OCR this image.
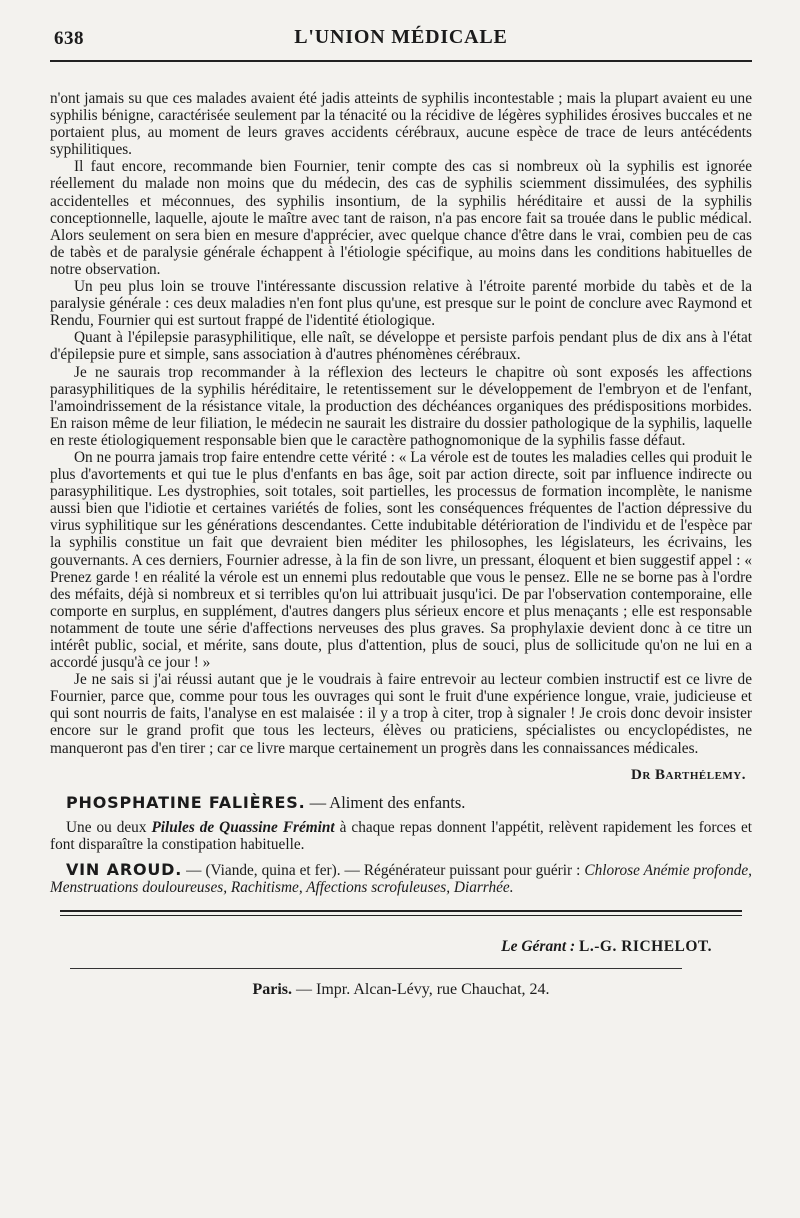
638	L'UNION MÉDICALE

n'ont jamais su que ces malades avaient été jadis atteints de syphilis incontestable ; mais la plupart avaient eu une syphilis bénigne, caractérisée seulement par la ténacité ou la récidive de légères syphilides érosives buccales et ne portaient plus, au moment de leurs graves accidents cérébraux, aucune espèce de trace de leurs antécédents syphilitiques.

Il faut encore, recommande bien Fournier, tenir compte des cas si nombreux où la syphilis est ignorée réellement du malade non moins que du médecin, des cas de syphilis sciemment dissimulées, des syphilis accidentelles et méconnues, des syphilis insontium, de la syphilis héréditaire et aussi de la syphilis conceptionnelle, laquelle, ajoute le maître avec tant de raison, n'a pas encore fait sa trouée dans le public médical. Alors seulement on sera bien en mesure d'apprécier, avec quelque chance d'être dans le vrai, combien peu de cas de tabès et de paralysie générale échappent à l'étiologie spécifique, au moins dans les conditions habituelles de notre observation.

Un peu plus loin se trouve l'intéressante discussion relative à l'étroite parenté morbide du tabès et de la paralysie générale : ces deux maladies n'en font plus qu'une, est presque sur le point de conclure avec Raymond et Rendu, Fournier qui est surtout frappé de l'identité étiologique.

Quant à l'épilepsie parasyphilitique, elle naît, se développe et persiste parfois pendant plus de dix ans à l'état d'épilepsie pure et simple, sans association à d'autres phénomènes cérébraux.

Je ne saurais trop recommander à la réflexion des lecteurs le chapitre où sont exposés les affections parasyphilitiques de la syphilis héréditaire, le retentissement sur le développement de l'embryon et de l'enfant, l'amoindrissement de la résistance vitale, la production des déchéances organiques des prédispositions morbides. En raison même de leur filiation, le médecin ne saurait les distraire du dossier pathologique de la syphilis, laquelle en reste étiologiquement responsable bien que le caractère pathognomonique de la syphilis fasse défaut.

On ne pourra jamais trop faire entendre cette vérité : « La vérole est de toutes les maladies celles qui produit le plus d'avortements et qui tue le plus d'enfants en bas âge, soit par action directe, soit par influence indirecte ou parasyphilitique. Les dystrophies, soit totales, soit partielles, les processus de formation incomplète, le nanisme aussi bien que l'idiotie et certaines variétés de folies, sont les conséquences fréquentes de l'action dépressive du virus syphilitique sur les générations descendantes. Cette indubitable détérioration de l'individu et de l'espèce par la syphilis constitue un fait que devraient bien méditer les philosophes, les législateurs, les écrivains, les gouvernants. A ces derniers, Fournier adresse, à la fin de son livre, un pressant, éloquent et bien suggestif appel : « Prenez garde ! en réalité la vérole est un ennemi plus redoutable que vous le pensez. Elle ne se borne pas à l'ordre des méfaits, déjà si nombreux et si terribles qu'on lui attribuait jusqu'ici. De par l'observation contemporaine, elle comporte en surplus, en supplément, d'autres dangers plus sérieux encore et plus menaçants ; elle est responsable notamment de toute une série d'affections nerveuses des plus graves. Sa prophylaxie devient donc à ce titre un intérêt public, social, et mérite, sans doute, plus d'attention, plus de souci, plus de sollicitude qu'on ne lui en a accordé jusqu'à ce jour ! »

Je ne sais si j'ai réussi autant que je le voudrais à faire entrevoir au lecteur combien instructif est ce livre de Fournier, parce que, comme pour tous les ouvrages qui sont le fruit d'une expérience longue, vraie, judicieuse et qui sont nourris de faits, l'analyse en est malaisée : il y a trop à citer, trop à signaler ! Je crois donc devoir insister encore sur le grand profit que tous les lecteurs, élèves ou praticiens, spécialistes ou encyclopédistes, ne manqueront pas d'en tirer ; car ce livre marque certainement un progrès dans les connaissances médicales.

Dr Barthélemy.
PHOSPHATINE FALIÈRES. — Aliment des enfants.
Une ou deux Pilules de Quassine Frémint à chaque repas donnent l'appétit, relèvent rapidement les forces et font disparaître la constipation habituelle.
VIN AROUD. — (Viande, quina et fer). — Régénérateur puissant pour guérir : Chlorose Anémie profonde, Menstruations douloureuses, Rachitisme, Affections scrofuleuses, Diarrhée.
Le Gérant : L.-G. RICHELOT.
Paris. — Impr. Alcan-Lévy, rue Chauchat, 24.
